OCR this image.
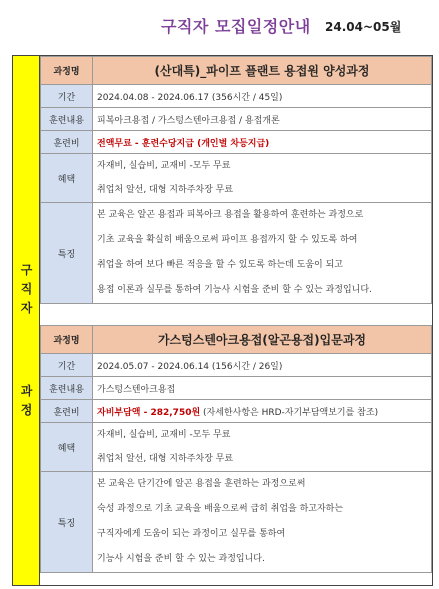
구직자 모집일정안내 24.04~05월
구
직
자
과
정
과정명	(산대특)_파이프 플랜트 용접원 양성과정
기간	2024.04.08 - 2024.06.17 (356시간 / 45일)
훈련내용	피복아크용접 / 가스텅스텐아크용접 / 용접개론
훈련비	전액무료 - 훈련수당지급 (개인별 차등지급)
혜택	자재비, 실습비, 교재비 -모두 무료
취업처 알선, 대형 지하주차장 무료

특징	본 교육은 알곤 용접과 피복아크 용접을 활용하여 훈련하는 과정으로
기초 교육을 확실히 배움으로써 파이프 용접까지 할 수 있도록 하여
취업을 하여 보다 빠른 적응을 할 수 있도록 하는데 도움이 되고
용접 이론과 실무를 통하여 기능사 시험을 준비 할 수 있는 과정입니다.
과정명	가스텅스텐아크용접(알곤용접)입문과정
기간	2024.05.07 - 2024.06.14 (156시간 / 26일)
훈련내용	가스텅스텐아크용접
훈련비	자비부담액 - 282,750원 (자세한사항은 HRD-자기부담액보기를 참조)
혜택	자재비, 실습비, 교재비 -모두 무료
취업처 알선, 대형 지하주차장 무료

특징	본 교육은 단기간에 알곤 용접을 훈련하는 과정으로써
숙성 과정으로 기초 교육을 배움으로써 급히 취업을 하고자하는
구직자에게 도움이 되는 과정이고 실무를 통하여
기능사 시험을 준비 할 수 있는 과정입니다.
